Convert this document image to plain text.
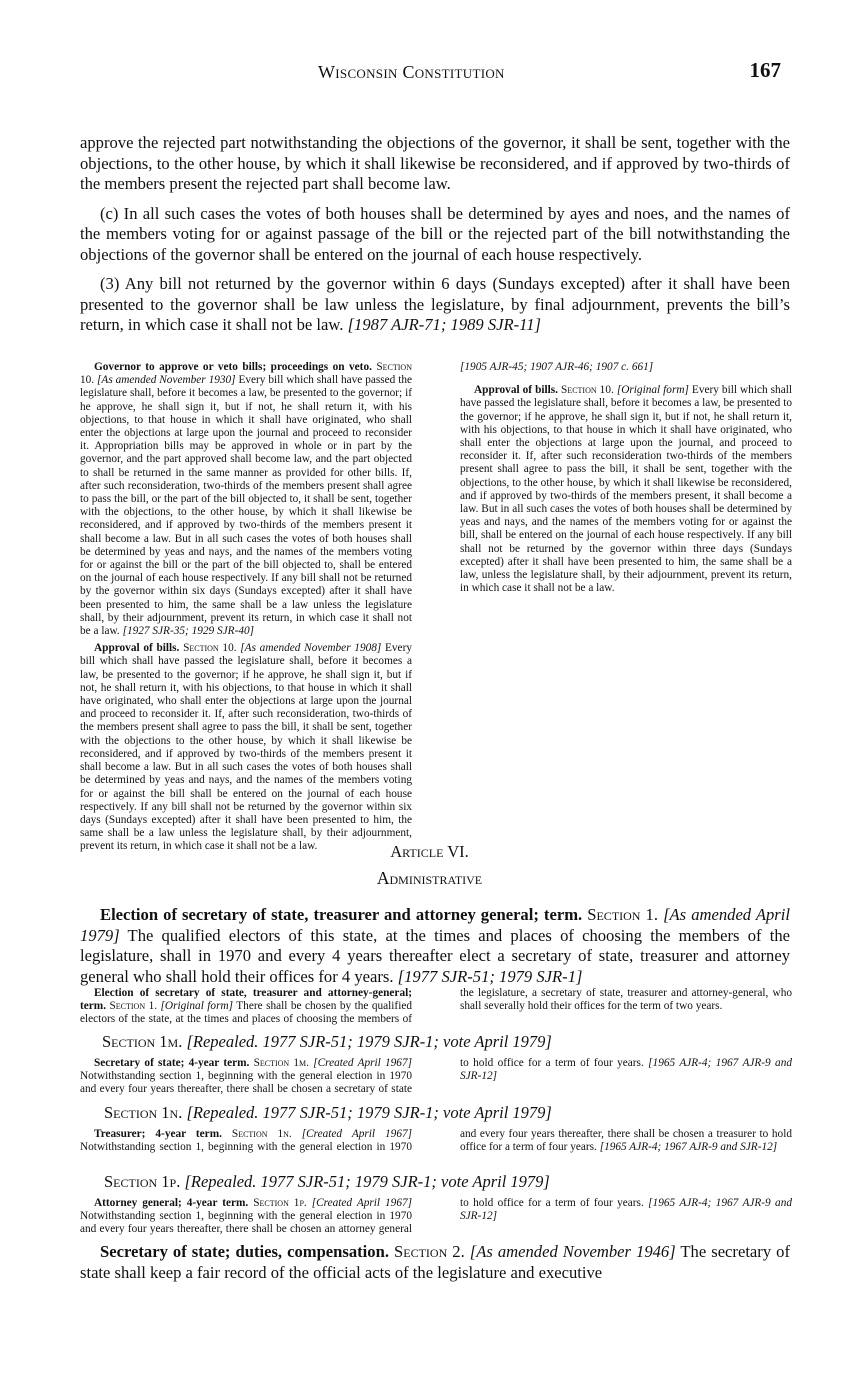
Wisconsin Constitution	167

approve the rejected part notwithstanding the objections of the governor, it shall be sent, together with the objections, to the other house, by which it shall likewise be reconsidered, and if approved by two-thirds of the members present the rejected part shall become law.

(c) In all such cases the votes of both houses shall be determined by ayes and noes, and the names of the members voting for or against passage of the bill or the rejected part of the bill notwithstanding the objections of the governor shall be entered on the journal of each house respectively.

(3) Any bill not returned by the governor within 6 days (Sundays excepted) after it shall have been presented to the governor shall be law unless the legislature, by final adjournment, prevents the bill’s return, in which case it shall not be law. [1987 AJR-71; 1989 SJR-11]

Governor to approve or veto bills; proceedings on veto. Section 10. [As amended November 1930] Every bill which shall have passed the legislature shall, before it becomes a law, be presented to the governor; if he approve, he shall sign it, but if not, he shall return it, with his objections, to that house in which it shall have originated, who shall enter the objections at large upon the journal and proceed to reconsider it. Appropriation bills may be approved in whole or in part by the governor, and the part approved shall become law, and the part objected to shall be returned in the same manner as provided for other bills. If, after such reconsideration, two-thirds of the members present shall agree to pass the bill, or the part of the bill objected to, it shall be sent, together with the objections, to the other house, by which it shall likewise be reconsidered, and if approved by two-thirds of the members present it shall become a law. But in all such cases the votes of both houses shall be determined by yeas and nays, and the names of the members voting for or against the bill or the part of the bill objected to, shall be entered on the journal of each house respectively. If any bill shall not be returned by the governor within six days (Sundays excepted) after it shall have been presented to him, the same shall be a law unless the legislature shall, by their adjournment, prevent its return, in which case it shall not be a law. [1927 SJR-35; 1929 SJR-40]

Approval of bills. Section 10. [As amended November 1908] Every bill which shall have passed the legislature shall, before it becomes a law, be presented to the governor; if he approve, he shall sign it, but if not, he shall return it, with his objections, to that house in which it shall have originated, who shall enter the objections at large upon the journal and proceed to reconsider it. If, after such reconsideration, two-thirds of the members present shall agree to pass the bill, it shall be sent, together with the objections to the other house, by which it shall likewise be reconsidered, and if approved by two-thirds of the members present it shall become a law. But in all such cases the votes of both houses shall be determined by yeas and nays, and the names of the members voting for or against the bill shall be entered on the journal of each house respectively. If any bill shall not be returned by the governor within six days (Sundays excepted) after it shall have been presented to him, the same shall be a law unless the legislature shall, by their adjournment, prevent its return, in which case it shall not be a law.

[1905 AJR-45; 1907 AJR-46; 1907 c. 661]

Approval of bills. Section 10. [Original form] Every bill which shall have passed the legislature shall, before it becomes a law, be presented to the governor; if he approve, he shall sign it, but if not, he shall return it, with his objections, to that house in which it shall have originated, who shall enter the objections at large upon the journal, and proceed to reconsider it. If, after such reconsideration two-thirds of the members present shall agree to pass the bill, it shall be sent, together with the objections, to the other house, by which it shall likewise be reconsidered, and if approved by two-thirds of the members present, it shall become a law. But in all such cases the votes of both houses shall be determined by yeas and nays, and the names of the members voting for or against the bill, shall be entered on the journal of each house respectively. If any bill shall not be returned by the governor within three days (Sundays excepted) after it shall have been presented to him, the same shall be a law, unless the legislature shall, by their adjournment, prevent its return, in which case it shall not be a law.

Article VI.
Administrative

Election of secretary of state, treasurer and attorney general; term. Section 1. [As amended April 1979] The qualified electors of this state, at the times and places of choosing the members of the legislature, shall in 1970 and every 4 years thereafter elect a secretary of state, treasurer and attorney general who shall hold their offices for 4 years. [1977 SJR-51; 1979 SJR-1]

Election of secretary of state, treasurer and attorney-general; term. Section 1. [Original form] There shall be chosen by the qualified electors of the state, at the times and places of choosing the members of the legislature, a secretary of state, treasurer and attorney-general, who shall severally hold their offices for the term of two years.

Section 1m. [Repealed. 1977 SJR-51; 1979 SJR-1; vote April 1979]

Secretary of state; 4-year term. Section 1m. [Created April 1967] Notwithstanding section 1, beginning with the general election in 1970 and every four years thereafter, there shall be chosen a secretary of state to hold office for a term of four years. [1965 AJR-4; 1967 AJR-9 and SJR-12]

Section 1n. [Repealed. 1977 SJR-51; 1979 SJR-1; vote April 1979]

Treasurer; 4-year term. Section 1n. [Created April 1967] Notwithstanding section 1, beginning with the general election in 1970 and every four years thereafter, there shall be chosen a treasurer to hold office for a term of four years. [1965 AJR-4; 1967 AJR-9 and SJR-12]

Section 1p. [Repealed. 1977 SJR-51; 1979 SJR-1; vote April 1979]

Attorney general; 4-year term. Section 1p. [Created April 1967] Notwithstanding section 1, beginning with the general election in 1970 and every four years thereafter, there shall be chosen an attorney general to hold office for a term of four years. [1965 AJR-4; 1967 AJR-9 and SJR-12]

Secretary of state; duties, compensation. Section 2. [As amended November 1946] The secretary of state shall keep a fair record of the official acts of the legislature and executive
